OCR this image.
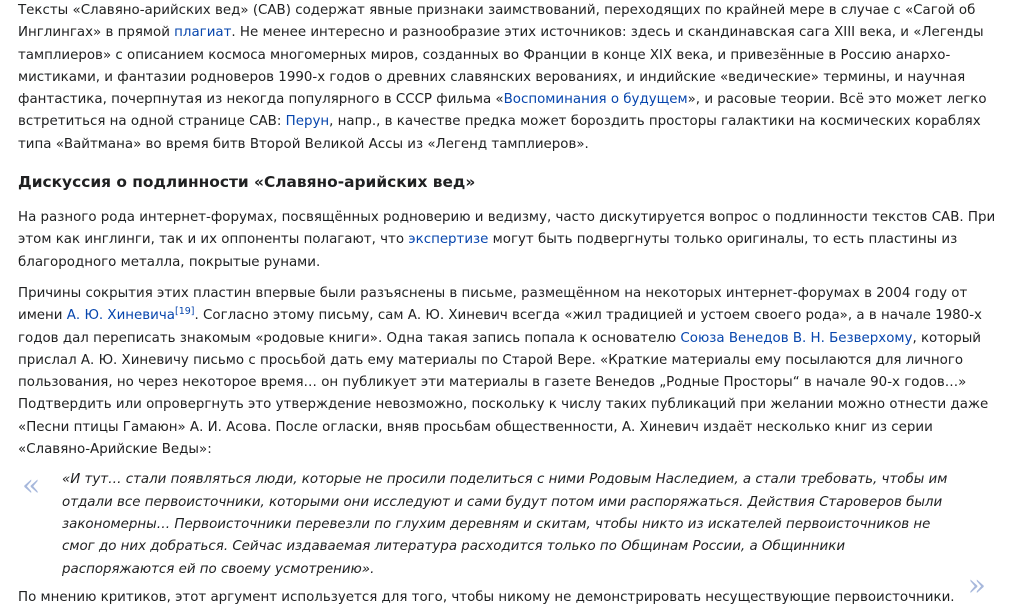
Тексты «Славяно-арийских вед» (САВ) содержат явные признаки заимствований, переходящих по крайней мере в случае с «Сагой об Инглингах» в прямой плагиат. Не менее интересно и разнообразие этих источников: здесь и скандинавская сага XIII века, и «Легенды тамплиеров» с описанием космоса многомерных миров, созданных во Франции в конце XIX века, и привезённые в Россию анархо-мистиками, и фантазии родноверов 1990-х годов о древних славянских верованиях, и индийские «ведические» термины, и научная фантастика, почерпнутая из некогда популярного в СССР фильма «Воспоминания о будущем», и расовые теории. Всё это может легко встретиться на одной странице САВ: Перун, напр., в качестве предка может бороздить просторы галактики на космических кораблях типа «Вайтмана» во время битв Второй Великой Ассы из «Легенд тамплиеров».

Дискуссия о подлинности «Славяно-арийских вед»

На разного рода интернет-форумах, посвящённых родноверию и ведизму, часто дискутируется вопрос о подлинности текстов САВ. При этом как инглинги, так и их оппоненты полагают, что экспертизе могут быть подвергнуты только оригиналы, то есть пластины из благородного металла, покрытые рунами.

Причины сокрытия этих пластин впервые были разъяснены в письме, размещённом на некоторых интернет-форумах в 2004 году от имени А. Ю. Хиневича[19]. Согласно этому письму, сам А. Ю. Хиневич всегда «жил традицией и устоем своего рода», а в начале 1980-х годов дал переписать знакомым «родовые книги». Одна такая запись попала к основателю Союза Венедов В. Н. Безверхому, который прислал А. Ю. Хиневичу письмо с просьбой дать ему материалы по Старой Вере. «Краткие материалы ему посылаются для личного пользования, но через некоторое время… он публикует эти материалы в газете Венедов „Родные Просторы“ в начале 90-х годов…» Подтвердить или опровергнуть это утверждение невозможно, поскольку к числу таких публикаций при желании можно отнести даже «Песни птицы Гамаюн» А. И. Асова. После огласки, вняв просьбам общественности, А. Хиневич издаёт несколько книг из серии «Славяно-Арийские Веды»:

« «И тут… стали появляться люди, которые не просили поделиться с ними Родовым Наследием, а стали требовать, чтобы им отдали все первоисточники, которыми они исследуют и сами будут потом ими распоряжаться. Действия Староверов были закономерны… Первоисточники перевезли по глухим деревням и скитам, чтобы никто из искателей первоисточников не смог до них добраться. Сейчас издаваемая литература расходится только по Общинам России, а Общинники распоряжаются ей по своему усмотрению».	»

По мнению критиков, этот аргумент используется для того, чтобы никому не демонстрировать несуществующие первоисточники.
